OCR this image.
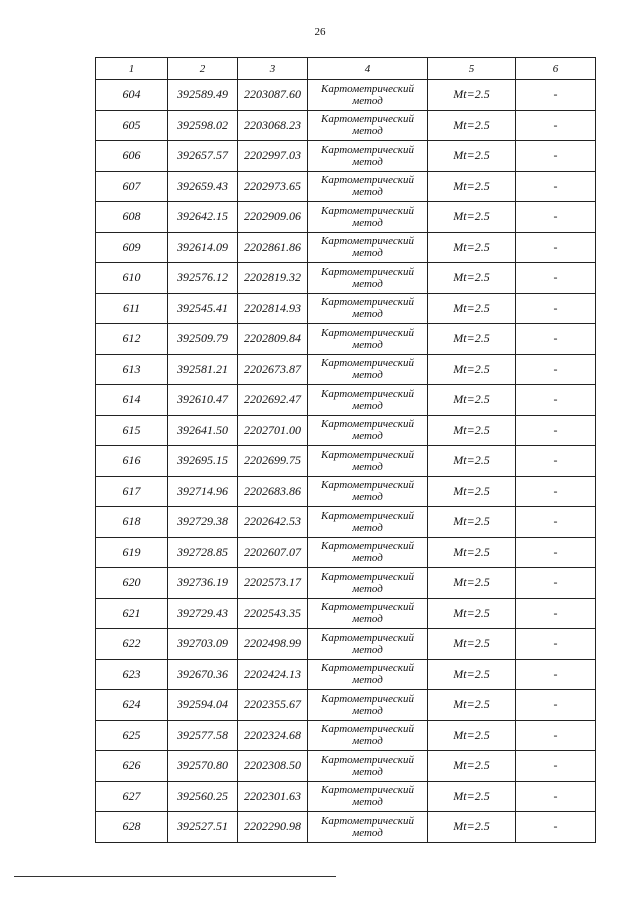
26
1	2	3	4	5	6
604	392589.49	2203087.60	Картометрический метод	Mt=2.5	-
605	392598.02	2203068.23	Картометрический метод	Mt=2.5	-
606	392657.57	2202997.03	Картометрический метод	Mt=2.5	-
607	392659.43	2202973.65	Картометрический метод	Mt=2.5	-
608	392642.15	2202909.06	Картометрический метод	Mt=2.5	-
609	392614.09	2202861.86	Картометрический метод	Mt=2.5	-
610	392576.12	2202819.32	Картометрический метод	Mt=2.5	-
611	392545.41	2202814.93	Картометрический метод	Mt=2.5	-
612	392509.79	2202809.84	Картометрический метод	Mt=2.5	-
613	392581.21	2202673.87	Картометрический метод	Mt=2.5	-
614	392610.47	2202692.47	Картометрический метод	Mt=2.5	-
615	392641.50	2202701.00	Картометрический метод	Mt=2.5	-
616	392695.15	2202699.75	Картометрический метод	Mt=2.5	-
617	392714.96	2202683.86	Картометрический метод	Mt=2.5	-
618	392729.38	2202642.53	Картометрический метод	Mt=2.5	-
619	392728.85	2202607.07	Картометрический метод	Mt=2.5	-
620	392736.19	2202573.17	Картометрический метод	Mt=2.5	-
621	392729.43	2202543.35	Картометрический метод	Mt=2.5	-
622	392703.09	2202498.99	Картометрический метод	Mt=2.5	-
623	392670.36	2202424.13	Картометрический метод	Mt=2.5	-
624	392594.04	2202355.67	Картометрический метод	Mt=2.5	-
625	392577.58	2202324.68	Картометрический метод	Mt=2.5	-
626	392570.80	2202308.50	Картометрический метод	Mt=2.5	-
627	392560.25	2202301.63	Картометрический метод	Mt=2.5	-
628	392527.51	2202290.98	Картометрический метод	Mt=2.5	-
